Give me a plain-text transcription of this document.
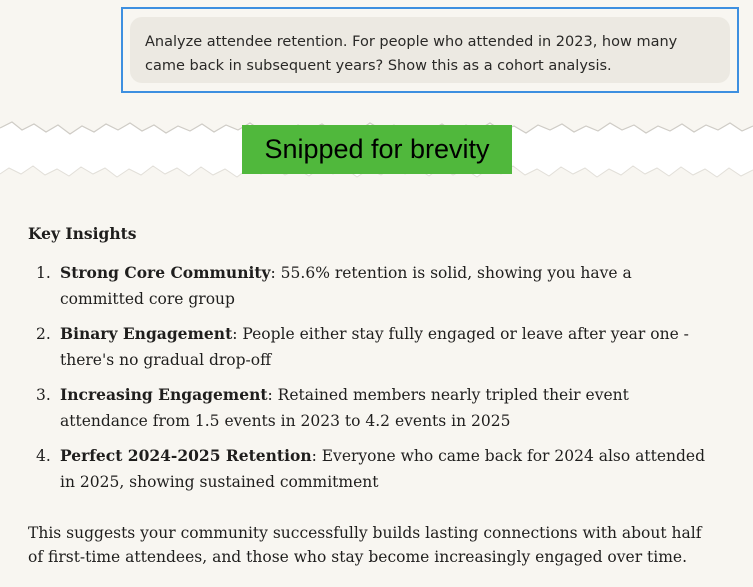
Analyze attendee retention. For people who attended in 2023, how many came back in subsequent years? Show this as a cohort analysis.
Snipped for brevity
Key Insights
1. Strong Core Community: 55.6% retention is solid, showing you have a committed core group
2. Binary Engagement: People either stay fully engaged or leave after year one - there's no gradual drop-off
3. Increasing Engagement: Retained members nearly tripled their event attendance from 1.5 events in 2023 to 4.2 events in 2025
4. Perfect 2024-2025 Retention: Everyone who came back for 2024 also attended in 2025, showing sustained commitment

This suggests your community successfully builds lasting connections with about half of first-time attendees, and those who stay become increasingly engaged over time.
